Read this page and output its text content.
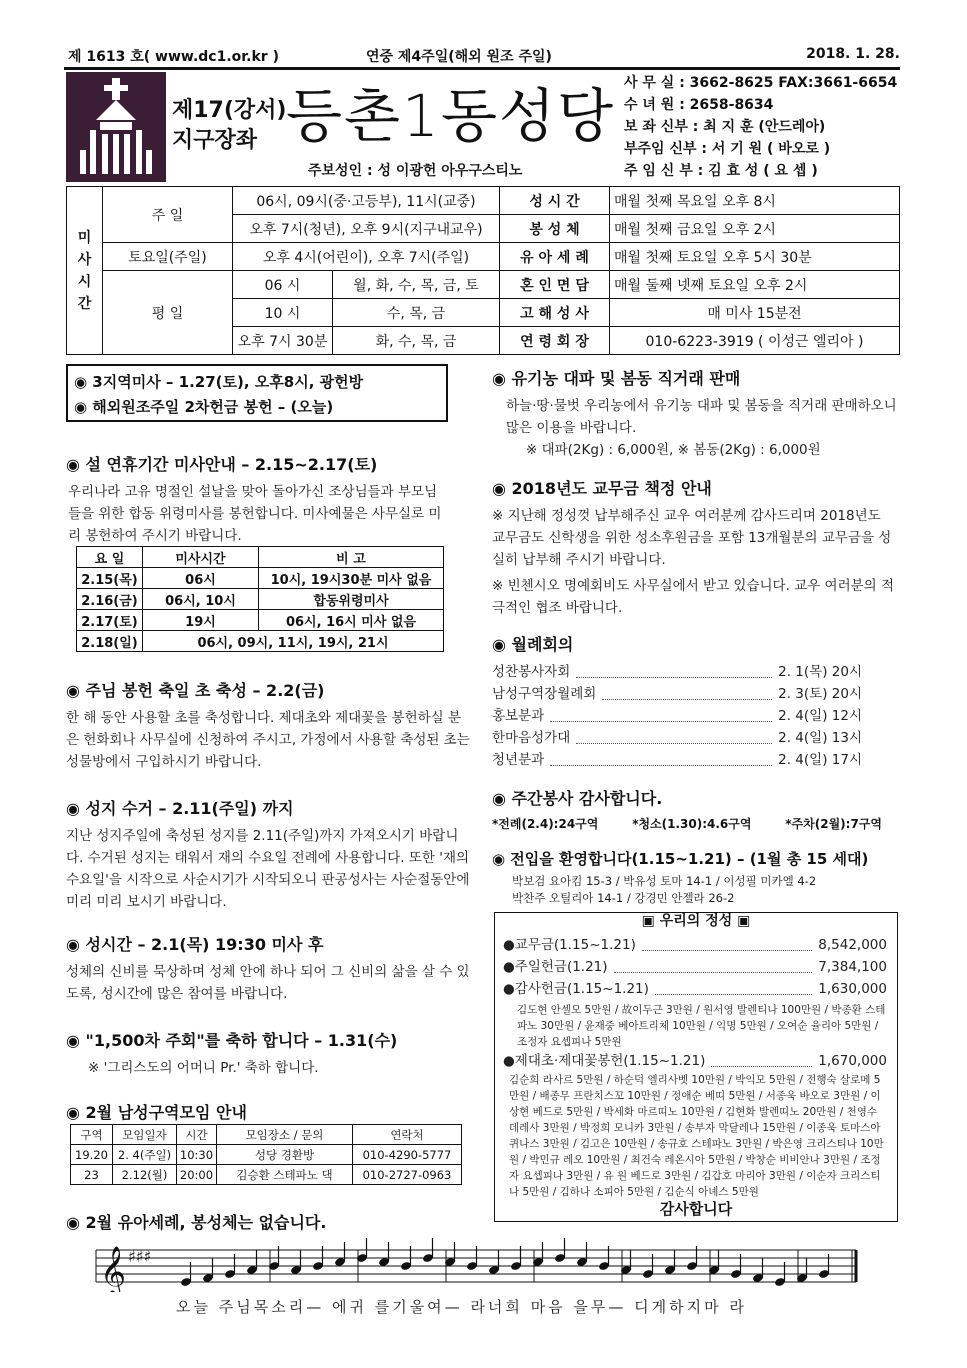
제 1613 호( www.dc1.or.kr )	연중 제4주일(해외 원조 주일)	2018. 1. 28.
제17(강서)
지구장좌 등촌1동성당
주보성인 : 성 이광헌 아우구스티노
사 무 실 : 3662-8625 FAX:3661-6654
수 녀 원 : 2658-8634
보 좌 신부 : 최 지 훈 (안드레아)
부주임 신부 : 서 기 원 ( 바오로 )
주 임 신 부 : 김 효 성 ( 요 셉 )
미사시간	주 일	06시, 09시(중·고등부), 11시(교중)		성 시 간	매월 첫째 목요일 오후 8시
		오후 7시(청년), 오후 9시(지구내교우)		봉 성 체	매월 첫째 금요일 오후 2시
	토요일(주일)	오후 4시(어린이), 오후 7시(주일)		유 아 세 례	매월 첫째 토요일 오후 5시 30분
	평 일	06 시	월, 화, 수, 목, 금, 토	혼 인 면 담	매월 둘째 넷째 토요일 오후 2시
		10 시	수, 목, 금	고 해 성 사	매 미사 15분전
		오후 7시 30분	화, 수, 목, 금	연 령 회 장	010-6223-3919 ( 이성근 엘리아 )
◉ 3지역미사 – 1.27(토), 오후8시, 광헌방
◉ 해외원조주일 2차헌금 봉헌 – (오늘)
◉ 설 연휴기간 미사안내 – 2.15~2.17(토)
우리나라 고유 명절인 설날을 맞아 돌아가신 조상님들과 부모님들을 위한 합동 위령미사를 봉헌합니다. 미사예물은 사무실로 미리 봉헌하여 주시기 바랍니다.
요 일	미사시간	비 고
2.15(목)	06시	10시, 19시30분 미사 없음
2.16(금)	06시, 10시	합동위령미사
2.17(토)	19시	06시, 16시 미사 없음
2.18(일)	06시, 09시, 11시, 19시, 21시	
◉ 주님 봉헌 축일 초 축성 – 2.2(금)
한 해 동안 사용할 초를 축성합니다. 제대초와 제대꽃을 봉헌하실 분은 헌화회나 사무실에 신청하여 주시고, 가정에서 사용할 축성된 초는 성물방에서 구입하시기 바랍니다.
◉ 성지 수거 – 2.11(주일) 까지
지난 성지주일에 축성된 성지를 2.11(주일)까지 가져오시기 바랍니다. 수거된 성지는 태워서 재의 수요일 전례에 사용합니다. 또한 '재의 수요일'을 시작으로 사순시기가 시작되오니 판공성사는 사순절동안에 미리 미리 보시기 바랍니다.
◉ 성시간 – 2.1(목) 19:30 미사 후
성체의 신비를 묵상하며 성체 안에 하나 되어 그 신비의 삶을 살 수 있도록, 성시간에 많은 참여를 바랍니다.
◉ "1,500차 주회"를 축하 합니다 – 1.31(수)
※ '그리스도의 어머니 Pr.' 축하 합니다.
◉ 2월 남성구역모임 안내
구역	모임일자	시간	모임장소 / 문의	연락처
19.20	2. 4(주일)	10:30	성당 경환방	010-4290-5777
23	2.12(월)	20:00	김승환 스테파노 댁	010-2727-0963
◉ 2월 유아세례, 봉성체는 없습니다.
◉ 유기농 대파 및 봄동 직거래 판매
하늘·땅·물벗 우리농에서 유기농 대파 및 봄동을 직거래 판매하오니 많은 이용을 바랍니다.
※ 대파(2Kg) : 6,000원, ※ 봄동(2Kg) : 6,000원
◉ 2018년도 교무금 책정 안내
※ 지난해 정성껏 납부해주신 교우 여러분께 감사드리며 2018년도 교무금도 신학생을 위한 성소후원금을 포함 13개월분의 교무금을 성실히 납부해 주시기 바랍니다.
※ 빈첸시오 명예회비도 사무실에서 받고 있습니다. 교우 여러분의 적극적인 협조 바랍니다.
◉ 월례회의
성찬봉사자회	2. 1(목) 20시
남성구역장월례회	2. 3(토) 20시
홍보분과	2. 4(일) 12시
한마음성가대	2. 4(일) 13시
청년분과	2. 4(일) 17시
◉ 주간봉사 감사합니다.
*전례(2.4):24구역	*청소(1.30):4.6구역	*주차(2월):7구역
◉ 전입을 환영합니다(1.15~1.21) – (1월 총 15 세대)
박보검 요아킴 15-3 / 박유성 토마 14-1 / 이성필 미카엘 4-2
박찬주 오틸리아 14-1 / 강경민 안젤라 26-2
▣ 우리의 정성 ▣
●교무금(1.15~1.21)	8,542,000
●주일헌금(1.21)	7,384,100
●감사헌금(1.15~1.21)	1,630,000
김도현 안셀모 5만원 / 故이두근 3만원 / 원서영 발렌티나 100만원 / 박종환 스테파노 30만원 / 윤재중 베아트리체 10만원 / 익명 5만원 / 오여순 율리아 5만원 / 조정자 요셉피나 5만원
●제대초·제대꽃봉헌(1.15~1.21)	1,670,000
김순희 라사르 5만원 / 하순덕 엘리사벳 10만원 / 박익모 5만원 / 전행숙 살로메 5만원 / 배종무 프란치스꼬 10만원 / 정애순 베띠 5만원 / 서종욱 바오로 3만원 / 이상현 베드로 5만원 / 박세화 마르띠노 10만원 / 김현화 발렌띠노 20만원 / 천영수 데레사 3만원 / 박정희 모니카 3만원 / 송부자 막달레나 15만원 / 이종욱 토마스아퀴나스 3만원 / 김고은 10만원 / 송규호 스테파노 3만원 / 박은영 크리스티나 10만원 / 박민규 레오 10만원 / 최건숙 레온시아 5만원 / 박창순 비비안나 3만원 / 조정자 요셉피나 3만원 / 유 원 베드로 3만원 / 김갑호 마리아 3만원 / 이순자 크리스티나 5만원 / 김하나 소피아 5만원 / 김순식 아녜스 5만원
감사합니다
𝄞 ♯♯♯
오늘 주님목소리— 에귀 를기울여— 라너희 마음 을무— 디게하지마 라
